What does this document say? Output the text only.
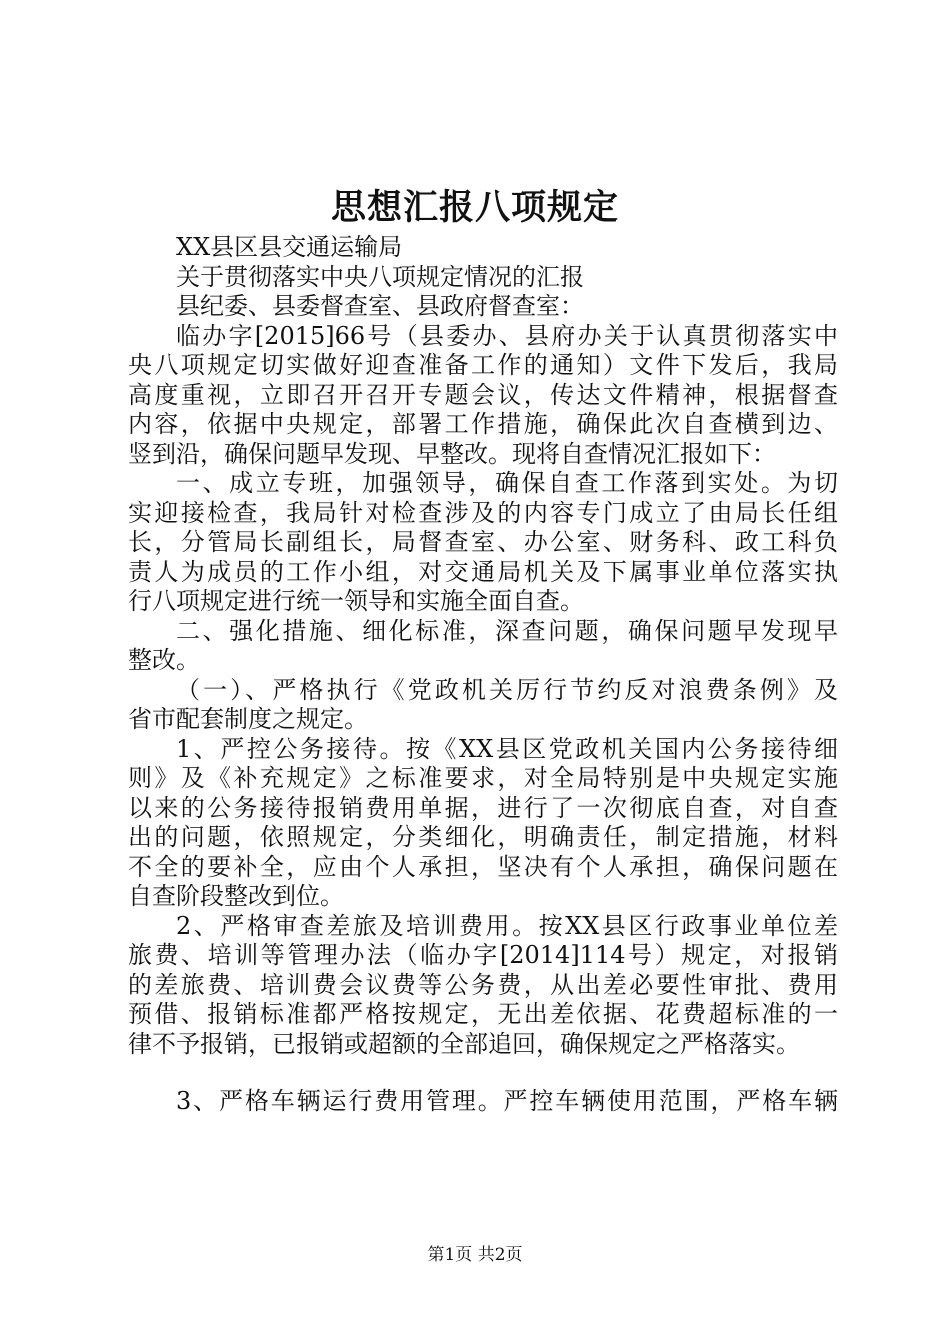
思想汇报八项规定
XX县区县交通运输局
关于贯彻落实中央八项规定情况的汇报
县纪委、县委督查室、县政府督查室：
临办字[2015]66号（县委办、县府办关于认真贯彻落实中
央八项规定切实做好迎查准备工作的通知）文件下发后，我局
高度重视，立即召开召开专题会议，传达文件精神，根据督查
内容，依据中央规定，部署工作措施，确保此次自查横到边、
竖到沿，确保问题早发现、早整改。现将自查情况汇报如下：
一、成立专班，加强领导，确保自查工作落到实处。为切
实迎接检查，我局针对检查涉及的内容专门成立了由局长任组
长，分管局长副组长，局督查室、办公室、财务科、政工科负
责人为成员的工作小组，对交通局机关及下属事业单位落实执
行八项规定进行统一领导和实施全面自查。
二、强化措施、细化标准，深查问题，确保问题早发现早
整改。
（一）、严格执行《党政机关厉行节约反对浪费条例》及
省市配套制度之规定。
1、严控公务接待。按《XX县区党政机关国内公务接待细
则》及《补充规定》之标准要求，对全局特别是中央规定实施
以来的公务接待报销费用单据，进行了一次彻底自查，对自查
出的问题，依照规定，分类细化，明确责任，制定措施，材料
不全的要补全，应由个人承担，坚决有个人承担，确保问题在
自查阶段整改到位。
2、严格审查差旅及培训费用。按XX县区行政事业单位差
旅费、培训等管理办法（临办字[2014]114号）规定，对报销
的差旅费、培训费会议费等公务费，从出差必要性审批、费用
预借、报销标准都严格按规定，无出差依据、花费超标准的一
律不予报销，已报销或超额的全部追回，确保规定之严格落实。
3、严格车辆运行费用管理。严控车辆使用范围，严格车辆
第1页 共2页
